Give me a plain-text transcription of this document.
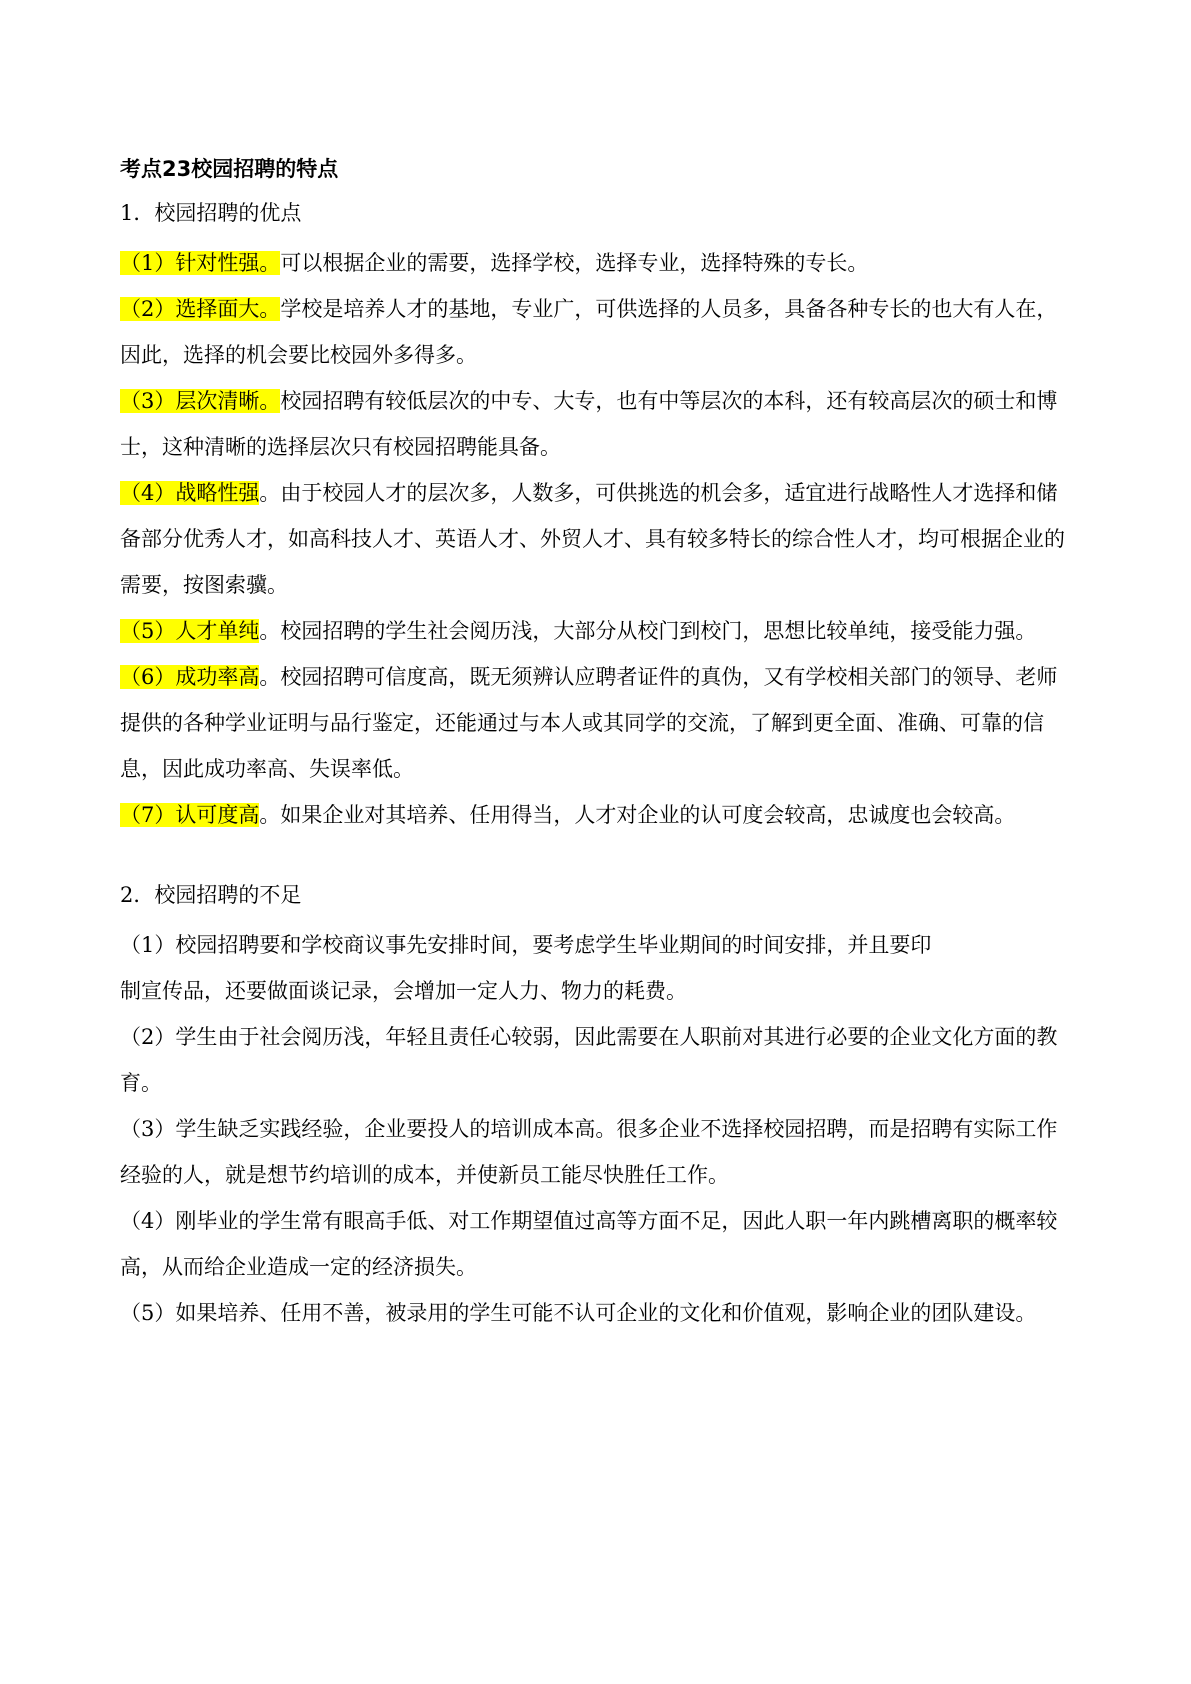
考点23校园招聘的特点
1．校园招聘的优点

（1）针对性强。可以根据企业的需要，选择学校，选择专业，选择特殊的专长。

（2）选择面大。学校是培养人才的基地，专业广，可供选择的人员多，具备各种专长的也大有人在，因此，选择的机会要比校园外多得多。

（3）层次清晰。校园招聘有较低层次的中专、大专，也有中等层次的本科，还有较高层次的硕士和博士，这种清晰的选择层次只有校园招聘能具备。

（4）战略性强。由于校园人才的层次多，人数多，可供挑选的机会多，适宜进行战略性人才选择和储备部分优秀人才，如高科技人才、英语人才、外贸人才、具有较多特长的综合性人才，均可根据企业的需要，按图索骥。

（5）人才单纯。校园招聘的学生社会阅历浅，大部分从校门到校门，思想比较单纯，接受能力强。

（6）成功率高。校园招聘可信度高，既无须辨认应聘者证件的真伪，又有学校相关部门的领导、老师提供的各种学业证明与品行鉴定，还能通过与本人或其同学的交流，了解到更全面、准确、可靠的信息，因此成功率高、失误率低。

（7）认可度高。如果企业对其培养、任用得当，人才对企业的认可度会较高，忠诚度也会较高。

2．校园招聘的不足

（1）校园招聘要和学校商议事先安排时间，要考虑学生毕业期间的时间安排，并且要印
制宣传品，还要做面谈记录，会增加一定人力、物力的耗费。

（2）学生由于社会阅历浅，年轻且责任心较弱，因此需要在人职前对其进行必要的企业文化方面的教育。

（3）学生缺乏实践经验，企业要投人的培训成本高。很多企业不选择校园招聘，而是招聘有实际工作经验的人，就是想节约培训的成本，并使新员工能尽快胜任工作。

（4）刚毕业的学生常有眼高手低、对工作期望值过高等方面不足，因此人职一年内跳槽离职的概率较高，从而给企业造成一定的经济损失。

（5）如果培养、任用不善，被录用的学生可能不认可企业的文化和价值观，影响企业的团队建设。
